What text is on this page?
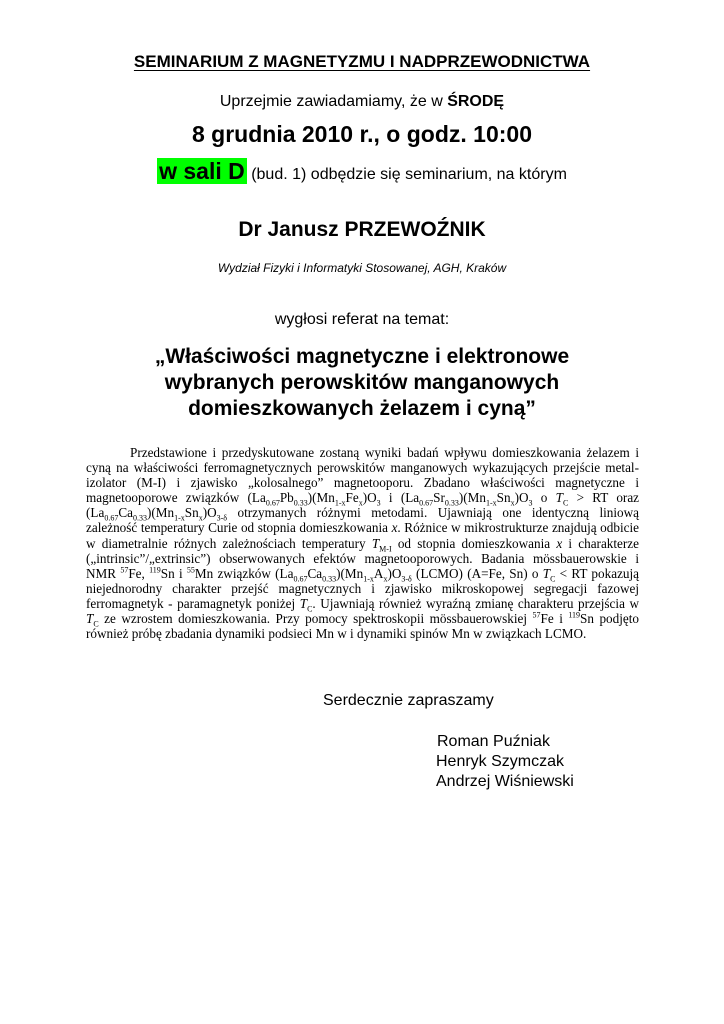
SEMINARIUM Z MAGNETYZMU I NADPRZEWODNICTWA
Uprzejmie zawiadamiamy, że w ŚRODĘ
8 grudnia 2010 r., o godz. 10:00
w sali D (bud. 1) odbędzie się seminarium, na którym
Dr Janusz PRZEWOŹNIK
Wydział Fizyki i Informatyki Stosowanej, AGH, Kraków
wygłosi referat na temat:
„Właściwości magnetyczne i elektronowe
wybranych perowskitów manganowych
domieszkowanych żelazem i cyną”
Przedstawione i przedyskutowane zostaną wyniki badań wpływu domieszkowania żelazem i cyną na właściwości ferromagnetycznych perowskitów manganowych wykazujących przejście metal-izolator (M-I) i zjawisko „kolosalnego” magnetooporu. Zbadano właściwości magnetyczne i magnetooporowe związków $(La_{0.67}Pb_{0.33})(Mn_{1-x}Fe_x)O_3$ i $(La_{0.67}Sr_{0.33})(Mn_{1-x}Sn_x)O_3$ o $T_C$ > RT oraz $(La_{0.67}Ca_{0.33})(Mn_{1-x}Sn_x)O_{3-\delta}$ otrzymanych różnymi metodami. Ujawniają one identyczną liniową zależność temperatury Curie od stopnia domieszkowania x. Różnice w mikrostrukturze znajdują odbicie w diametralnie różnych zależnościach temperatury $T_{M-I}$ od stopnia domieszkowania x i charakterze („intrinsic”/„extrinsic”) obserwowanych efektów magnetooporowych. Badania mössbauerowskie i NMR $^{57}$Fe, $^{119}$Sn i $^{55}$Mn związków $(La_{0.67}Ca_{0.33})(Mn_{1-x}A_x)O_{3-\delta}$ (LCMO) (A=Fe, Sn) o $T_C$ < RT pokazują niejednorodny charakter przejść magnetycznych i zjawisko mikroskopowej segregacji fazowej ferromagnetyk - paramagnetyk poniżej $T_C$. Ujawniają również wyraźną zmianę charakteru przejścia w $T_C$ ze wzrostem domieszkowania. Przy pomocy spektroskopii mössbauerowskiej $^{57}$Fe i $^{119}$Sn podjęto również próbę zbadania dynamiki podsieci Mn w i dynamiki spinów Mn w związkach LCMO.
Serdecznie zapraszamy
Roman Puźniak
Henryk Szymczak
Andrzej Wiśniewski
